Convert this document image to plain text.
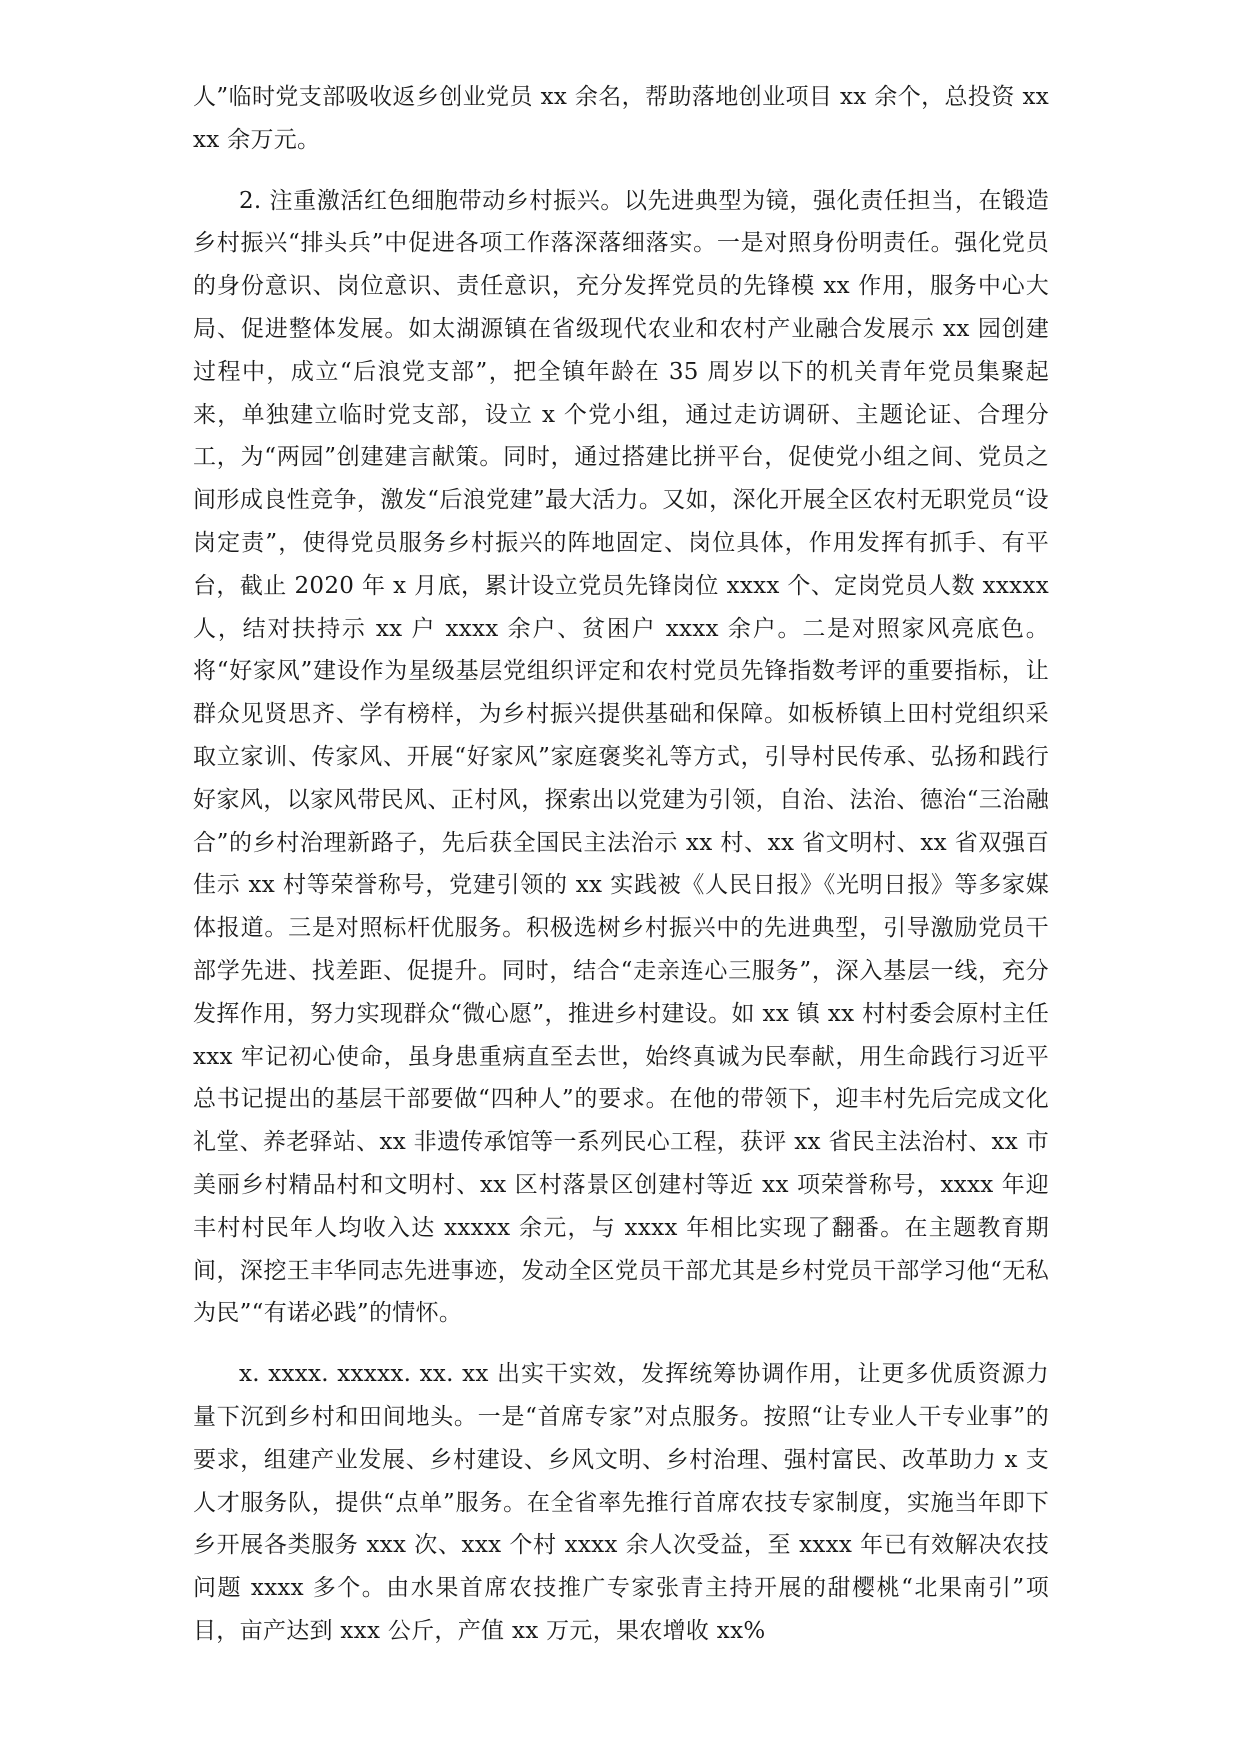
人”临时党支部吸收返乡创业党员 xx 余名，帮助落地创业项目 xx 余个，总投资 xxxx 余万元。

2. 注重激活红色细胞带动乡村振兴。以先进典型为镜，强化责任担当，在锻造乡村振兴“排头兵”中促进各项工作落深落细落实。一是对照身份明责任。强化党员的身份意识、岗位意识、责任意识，充分发挥党员的先锋模 xx 作用，服务中心大局、促进整体发展。如太湖源镇在省级现代农业和农村产业融合发展示 xx 园创建过程中，成立“后浪党支部”，把全镇年龄在 35 周岁以下的机关青年党员集聚起来，单独建立临时党支部，设立 x 个党小组，通过走访调研、主题论证、合理分工，为“两园”创建建言献策。同时，通过搭建比拼平台，促使党小组之间、党员之间形成良性竞争，激发“后浪党建”最大活力。又如，深化开展全区农村无职党员“设岗定责”，使得党员服务乡村振兴的阵地固定、岗位具体，作用发挥有抓手、有平台，截止 2020 年 x 月底，累计设立党员先锋岗位 xxxx 个、定岗党员人数 xxxxx 人，结对扶持示 xx 户 xxxx 余户、贫困户 xxxx 余户。二是对照家风亮底色。将“好家风”建设作为星级基层党组织评定和农村党员先锋指数考评的重要指标，让群众见贤思齐、学有榜样，为乡村振兴提供基础和保障。如板桥镇上田村党组织采取立家训、传家风、开展“好家风”家庭褒奖礼等方式，引导村民传承、弘扬和践行好家风，以家风带民风、正村风，探索出以党建为引领，自治、法治、德治“三治融合”的乡村治理新路子，先后获全国民主法治示 xx 村、xx 省文明村、xx 省双强百佳示 xx 村等荣誉称号，党建引领的 xx 实践被《人民日报》《光明日报》等多家媒体报道。三是对照标杆优服务。积极选树乡村振兴中的先进典型，引导激励党员干部学先进、找差距、促提升。同时，结合“走亲连心三服务”，深入基层一线，充分发挥作用，努力实现群众“微心愿”，推进乡村建设。如 xx 镇 xx 村村委会原村主任 xxx 牢记初心使命，虽身患重病直至去世，始终真诚为民奉献，用生命践行习近平总书记提出的基层干部要做“四种人”的要求。在他的带领下，迎丰村先后完成文化礼堂、养老驿站、xx 非遗传承馆等一系列民心工程，获评 xx 省民主法治村、xx 市美丽乡村精品村和文明村、xx 区村落景区创建村等近 xx 项荣誉称号，xxxx 年迎丰村村民年人均收入达 xxxxx 余元，与 xxxx 年相比实现了翻番。在主题教育期间，深挖王丰华同志先进事迹，发动全区党员干部尤其是乡村党员干部学习他“无私为民”“有诺必践”的情怀。

x. xxxx. xxxxx. xx. xx 出实干实效，发挥统筹协调作用，让更多优质资源力量下沉到乡村和田间地头。一是“首席专家”对点服务。按照“让专业人干专业事”的要求，组建产业发展、乡村建设、乡风文明、乡村治理、强村富民、改革助力 x 支人才服务队，提供“点单”服务。在全省率先推行首席农技专家制度，实施当年即下乡开展各类服务 xxx 次、xxx 个村 xxxx 余人次受益，至 xxxx 年已有效解决农技问题 xxxx 多个。由水果首席农技推广专家张青主持开展的甜樱桃“北果南引”项目，亩产达到 xxx 公斤，产值 xx 万元，果农增收 xx%
